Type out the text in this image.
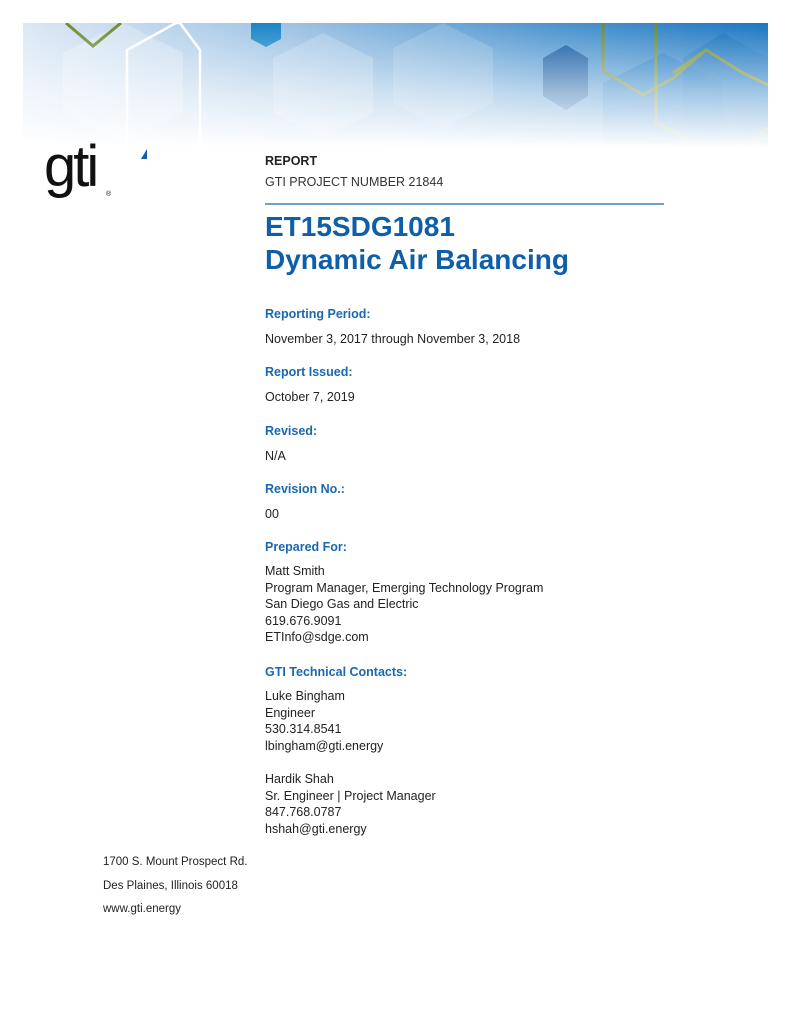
gti ®
REPORT
GTI PROJECT NUMBER 21844
ET15SDG1081
Dynamic Air Balancing
Reporting Period:
November 3, 2017 through November 3, 2018
Report Issued:
October 7, 2019
Revised:
N/A
Revision No.:
00
Prepared For:
Matt Smith
Program Manager, Emerging Technology Program
San Diego Gas and Electric
619.676.9091
ETInfo@sdge.com
GTI Technical Contacts:
Luke Bingham
Engineer
530.314.8541
lbingham@gti.energy
Hardik Shah
Sr. Engineer | Project Manager
847.768.0787
hshah@gti.energy
1700 S. Mount Prospect Rd.
Des Plaines, Illinois 60018
www.gti.energy
